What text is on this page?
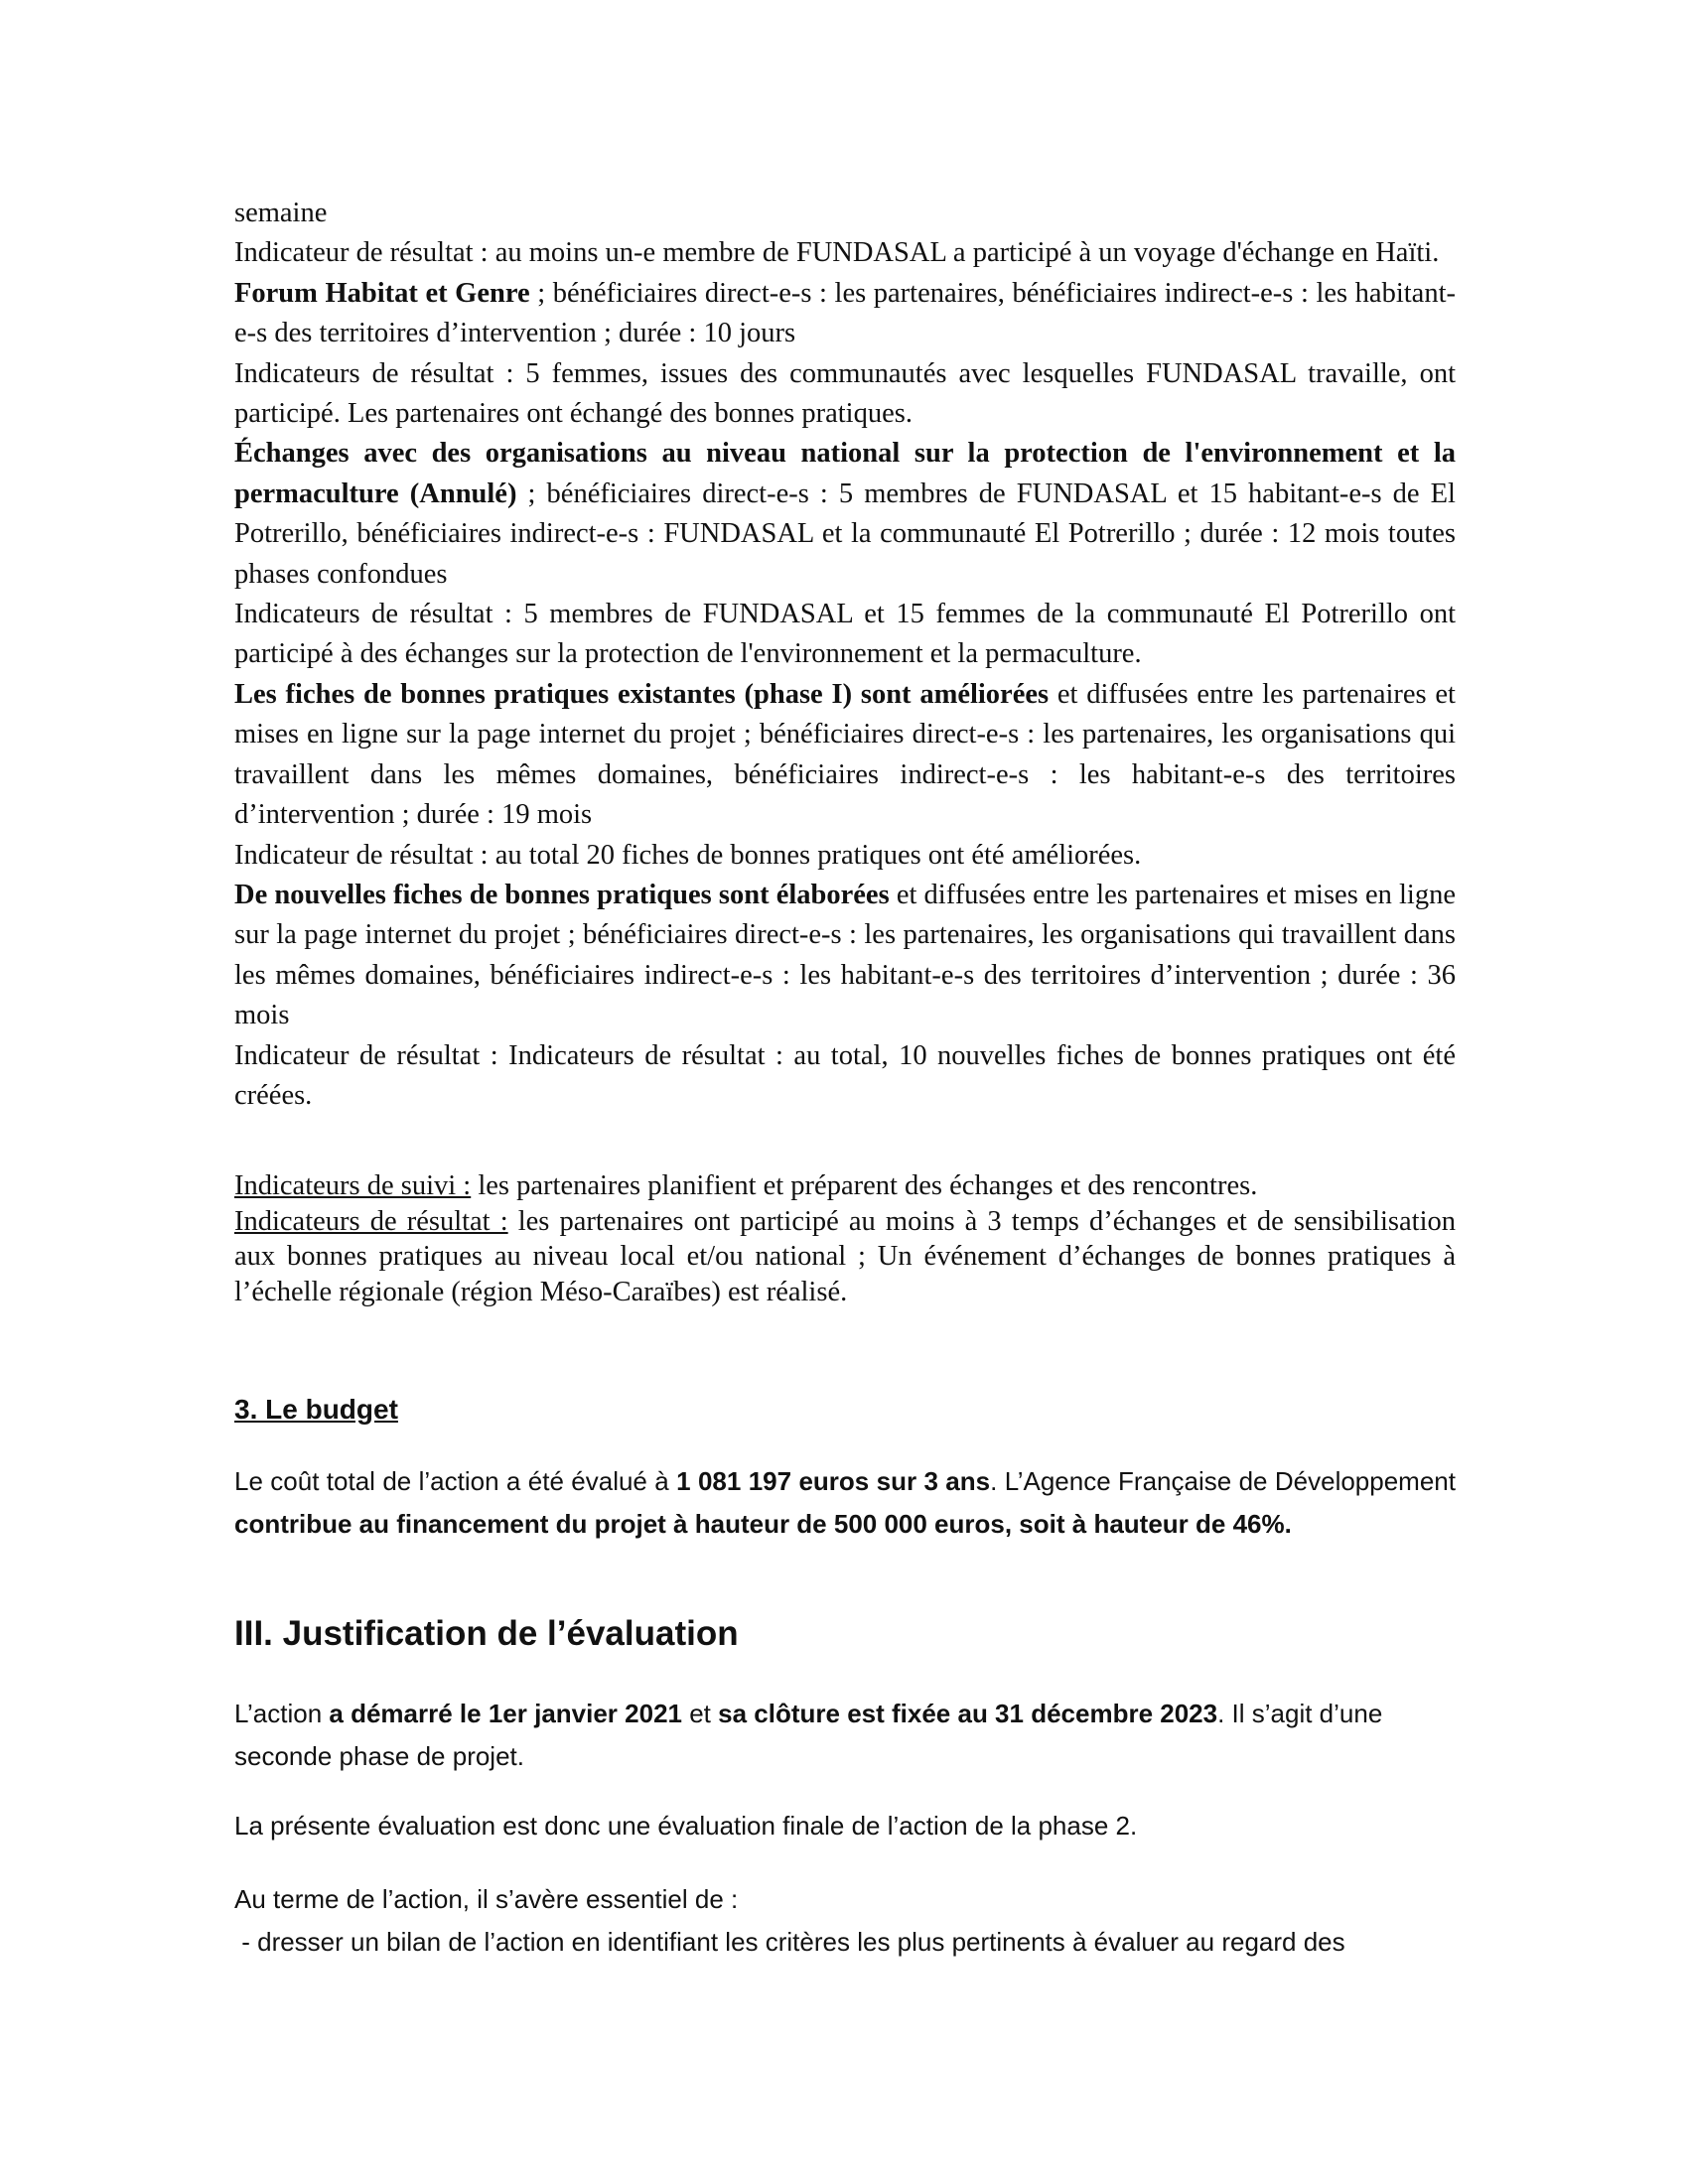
semaine

Indicateur de résultat : au moins un-e membre de FUNDASAL a participé à un voyage d'échange en Haïti.

Forum Habitat et Genre ; bénéficiaires direct-e-s : les partenaires, bénéficiaires indirect-e-s : les habitant-e-s des territoires d’intervention ; durée : 10 jours

Indicateurs de résultat : 5 femmes, issues des communautés avec lesquelles FUNDASAL travaille, ont participé. Les partenaires ont échangé des bonnes pratiques.

Échanges avec des organisations au niveau national sur la protection de l'environnement et la permaculture (Annulé) ; bénéficiaires direct-e-s : 5 membres de FUNDASAL et 15 habitant-e-s de El Potrerillo, bénéficiaires indirect-e-s : FUNDASAL et la communauté El Potrerillo ; durée : 12 mois toutes phases confondues

Indicateurs de résultat : 5 membres de FUNDASAL et 15 femmes de la communauté El Potrerillo ont participé à des échanges sur la protection de l'environnement et la permaculture.

Les fiches de bonnes pratiques existantes (phase I) sont améliorées et diffusées entre les partenaires et mises en ligne sur la page internet du projet ; bénéficiaires direct-e-s : les partenaires, les organisations qui travaillent dans les mêmes domaines, bénéficiaires indirect-e-s : les habitant-e-s des territoires d’intervention ; durée : 19 mois

Indicateur de résultat : au total 20 fiches de bonnes pratiques ont été améliorées.

De nouvelles fiches de bonnes pratiques sont élaborées et diffusées entre les partenaires et mises en ligne sur la page internet du projet ; bénéficiaires direct-e-s : les partenaires, les organisations qui travaillent dans les mêmes domaines, bénéficiaires indirect-e-s : les habitant-e-s des territoires d’intervention ; durée : 36 mois

Indicateur de résultat : Indicateurs de résultat : au total, 10 nouvelles fiches de bonnes pratiques ont été créées.

Indicateurs de suivi : les partenaires planifient et préparent des échanges et des rencontres.

Indicateurs de résultat : les partenaires ont participé au moins à 3 temps d’échanges et de sensibilisation aux bonnes pratiques au niveau local et/ou national ; Un événement d’échanges de bonnes pratiques à l’échelle régionale (région Méso-Caraïbes) est réalisé.

3. Le budget

Le coût total de l’action a été évalué à 1 081 197 euros sur 3 ans. L’Agence Française de Développement contribue au financement du projet à hauteur de 500 000 euros, soit à hauteur de 46%.

III. Justification de l’évaluation

L’action a démarré le 1er janvier 2021 et sa clôture est fixée au 31 décembre 2023. Il s’agit d’une seconde phase de projet.

La présente évaluation est donc une évaluation finale de l’action de la phase 2.

Au terme de l’action, il s’avère essentiel de :

- dresser un bilan de l’action en identifiant les critères les plus pertinents à évaluer au regard des
